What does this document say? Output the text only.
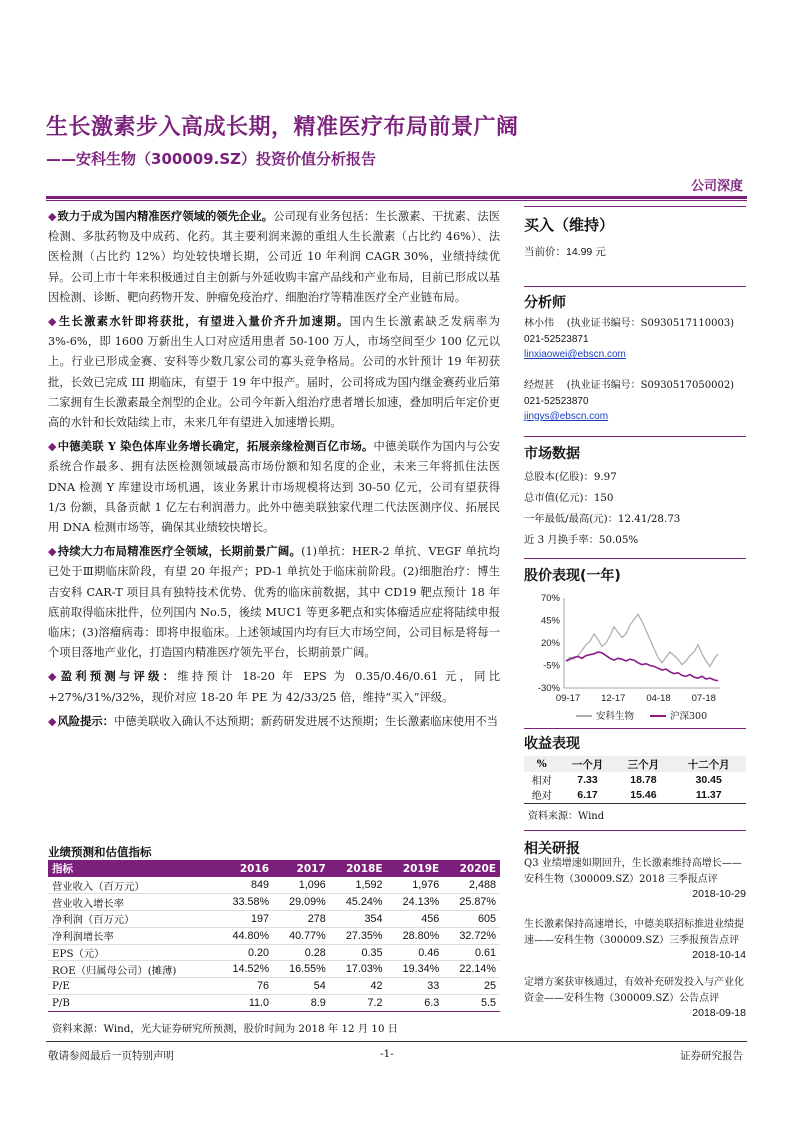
生长激素步入高成长期，精准医疗布局前景广阔
——安科生物（300009.SZ）投资价值分析报告
公司深度

◆致力于成为国内精准医疗领域的领先企业。公司现有业务包括：生长激素、干扰素、法医检测、多肽药物及中成药、化药。其主要利润来源的重组人生长激素（占比约 46%）、法医检测（占比约 12%）均处较快增长期，公司近 10 年利润 CAGR 30%，业绩持续优异。公司上市十年来积极通过自主创新与外延收购丰富产品线和产业布局，目前已形成以基因检测、诊断、靶向药物开发、肿瘤免疫治疗、细胞治疗等精准医疗全产业链布局。

◆生长激素水针即将获批，有望进入量价齐升加速期。国内生长激素缺乏发病率为 3%-6%，即 1600 万新出生人口对应适用患者 50-100 万人，市场空间至少 100 亿元以上。行业已形成金赛、安科等少数几家公司的寡头竞争格局。公司的水针预计 19 年初获批，长效已完成 III 期临床，有望于 19 年中报产。届时，公司将成为国内继金赛药业后第二家拥有生长激素最全剂型的企业。公司今年新入组治疗患者增长加速，叠加明后年定价更高的水针和长效陆续上市，未来几年有望进入加速增长期。

◆中德美联 Y 染色体库业务增长确定，拓展亲缘检测百亿市场。中德美联作为国内与公安系统合作最多、拥有法医检测领域最高市场份额和知名度的企业，未来三年将抓住法医 DNA 检测 Y 库建设市场机遇，该业务累计市场规模将达到 30-50 亿元，公司有望获得 1/3 份额，具备贡献 1 亿左右利润潜力。此外中德美联独家代理二代法医测序仪、拓展民用 DNA 检测市场等，确保其业绩较快增长。

◆持续大力布局精准医疗全领域，长期前景广阔。(1)单抗：HER-2 单抗、VEGF 单抗均已处于Ⅲ期临床阶段，有望 20 年报产；PD-1 单抗处于临床前阶段。(2)细胞治疗：博生吉安科 CAR-T 项目具有独特技术优势、优秀的临床前数据，其中 CD19 靶点预计 18 年底前取得临床批件，位列国内 No.5，後续 MUC1 等更多靶点和实体瘤适应症将陆续申报临床；(3)溶瘤病毒：即将申报临床。上述领域国内均有巨大市场空间，公司目标是将每一个项目落地产业化，打造国内精准医疗领先平台，长期前景广阔。

◆盈利预测与评级：维持预计 18-20 年 EPS 为 0.35/0.46/0.61 元，同比 +27%/31%/32%，现价对应 18-20 年 PE 为 42/33/25 倍，维持“买入”评级。

◆风险提示：中德美联收入确认不达预期；新药研发进展不达预期；生长激素临床使用不当

业绩预测和估值指标
指标	2016	2017	2018E	2019E	2020E
营业收入（百万元）	849	1,096	1,592	1,976	2,488
营业收入增长率	33.58%	29.09%	45.24%	24.13%	25.87%
净利润（百万元）	197	278	354	456	605
净利润增长率	44.80%	40.77%	27.35%	28.80%	32.72%
EPS（元）	0.20	0.28	0.35	0.46	0.61
ROE（归属母公司）(摊薄)	14.52%	16.55%	17.03%	19.34%	22.14%
P/E	76	54	42	33	25
P/B	11.0	8.9	7.2	6.3	5.5
资料来源：Wind，光大证券研究所预测，股价时间为 2018 年 12 月 10 日
买入（维持）
当前价：14.99 元
分析师
林小伟 (执业证书编号：S0930517110003)
021-52523871
linxiaowei@ebscn.com
经煜甚 (执业证书编号：S0930517050002)
021-52523870
jingys@ebscn.com
市场数据
总股本(亿股)：9.97
总市值(亿元)：150
一年最低/最高(元)：12.41/28.73
近 3 月换手率：50.05%
股价表现(一年)
70%
45%
20%
-5%
-30%
09-17 12-17 04-18 07-18
安科生物	沪深300
收益表现
%	一个月	三个月	十二个月
相对	7.33	18.78	30.45
绝对	6.17	15.46	11.37
资料来源：Wind
相关研报
Q3 业绩增速如期回升，生长激素维持高增长——安科生物（300009.SZ）2018 三季报点评
2018-10-29
生长激素保持高速增长，中德美联招标推进业绩提速——安科生物（300009.SZ）三季报预告点评
2018-10-14
定增方案获审核通过，有效补充研发投入与产业化资金——安科生物（300009.SZ）公告点评
2018-09-18
敬请参阅最后一页特别声明	-1-	证券研究报告
